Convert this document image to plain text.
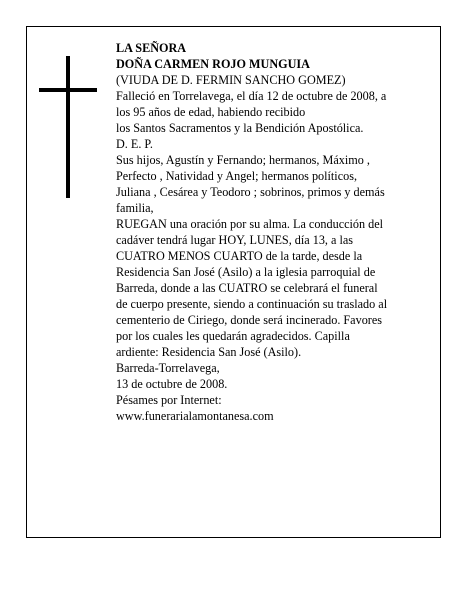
LA SEÑORA

DOÑA CARMEN ROJO MUNGUIA

(VIUDA DE D. FERMIN SANCHO GOMEZ)

Falleció en Torrelavega, el día 12 de octubre de 2008, a

los 95 años de edad, habiendo recibido

los Santos Sacramentos y la Bendición Apostólica.

D. E. P.

Sus hijos, Agustín y Fernando; hermanos, Máximo ,

Perfecto , Natividad y Angel; hermanos políticos,

Juliana , Cesárea y Teodoro ; sobrinos, primos y demás

familia,

RUEGAN una oración por su alma. La conducción del

cadáver tendrá lugar HOY, LUNES, día 13, a las

CUATRO MENOS CUARTO de la tarde, desde la

Residencia San José (Asilo) a la iglesia parroquial de

Barreda, donde a las CUATRO se celebrará el funeral

de cuerpo presente, siendo a continuación su traslado al

cementerio de Ciriego, donde será incinerado. Favores

por los cuales les quedarán agradecidos. Capilla

ardiente: Residencia San José (Asilo).

Barreda-Torrelavega,

13 de octubre de 2008.

Pésames por Internet:

www.funerarialamontanesa.com
